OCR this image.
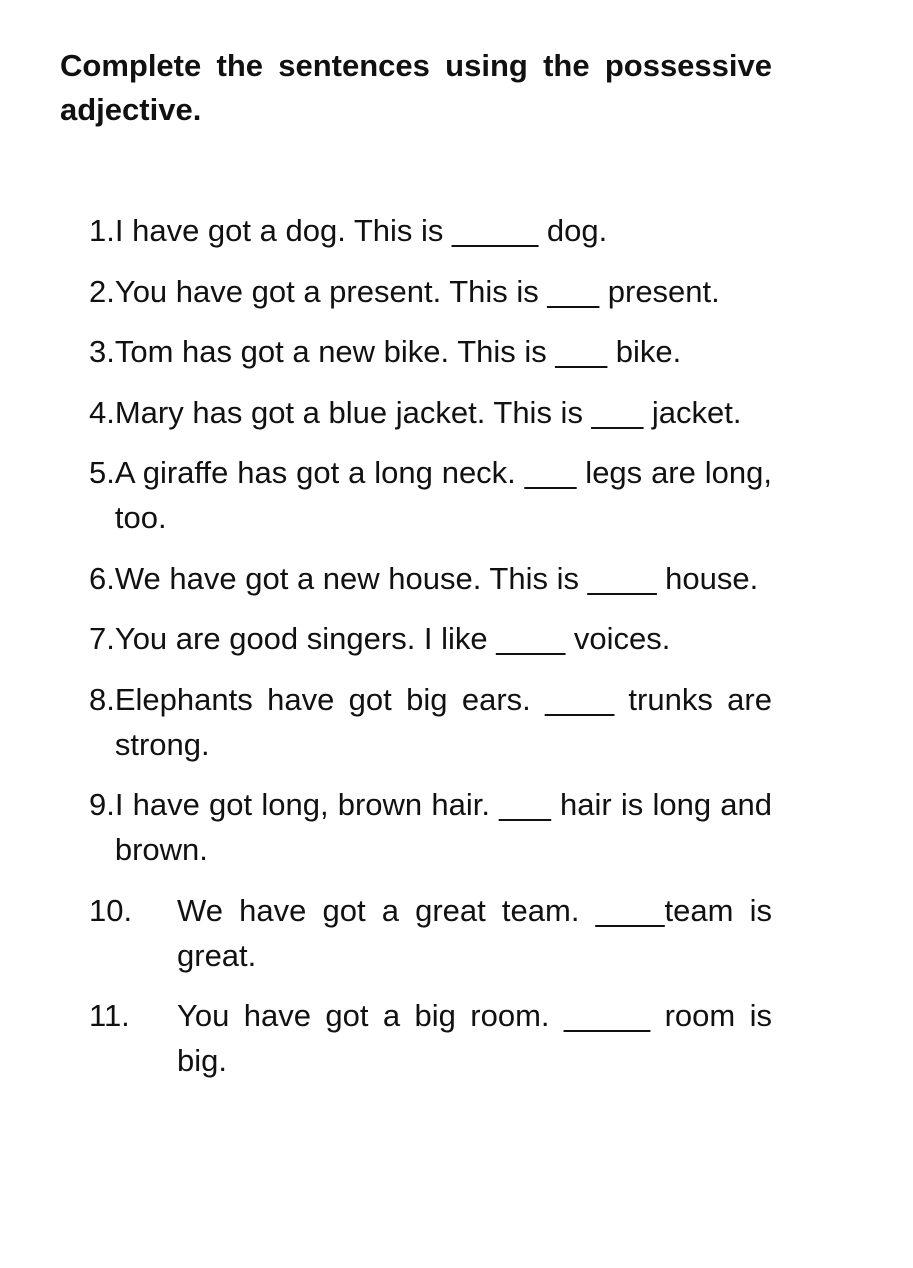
Complete the sentences using the possessive adjective.
1. I have got a dog. This is _____ dog.
2. You have got a present. This is ___ present.
3. Tom has got a new bike. This is ___ bike.
4. Mary has got a blue jacket. This is ___ jacket.
5. A giraffe has got a long neck. ___ legs are long, too.
6. We have got a new house. This is ____ house.
7. You are good singers. I like ____ voices.
8. Elephants have got big ears. ____ trunks are strong.
9. I have got long, brown hair. ___ hair is long and brown.
10.	We have got a great team. ____team is great.
11.	You have got a big room. _____ room is big.
